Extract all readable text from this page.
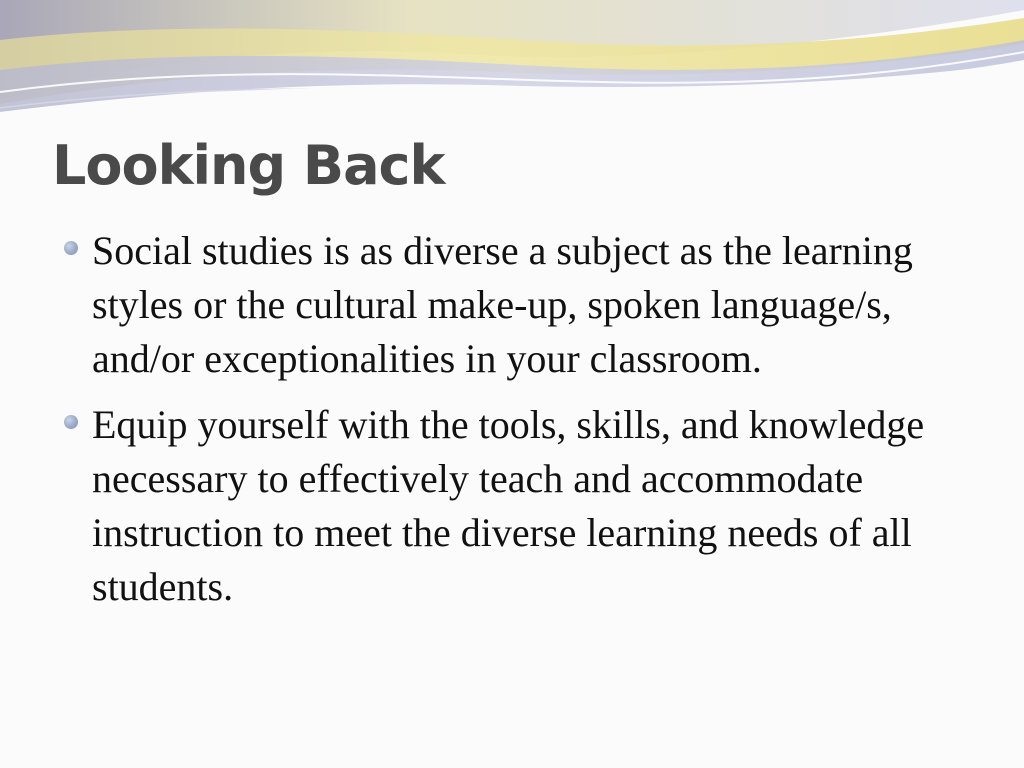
Looking Back
Social studies is as diverse a subject as the learning styles or the cultural make-up, spoken language/s, and/or exceptionalities in your classroom.
Equip yourself with the tools, skills, and knowledge necessary to effectively teach and accommodate instruction to meet the diverse learning needs of all students.
